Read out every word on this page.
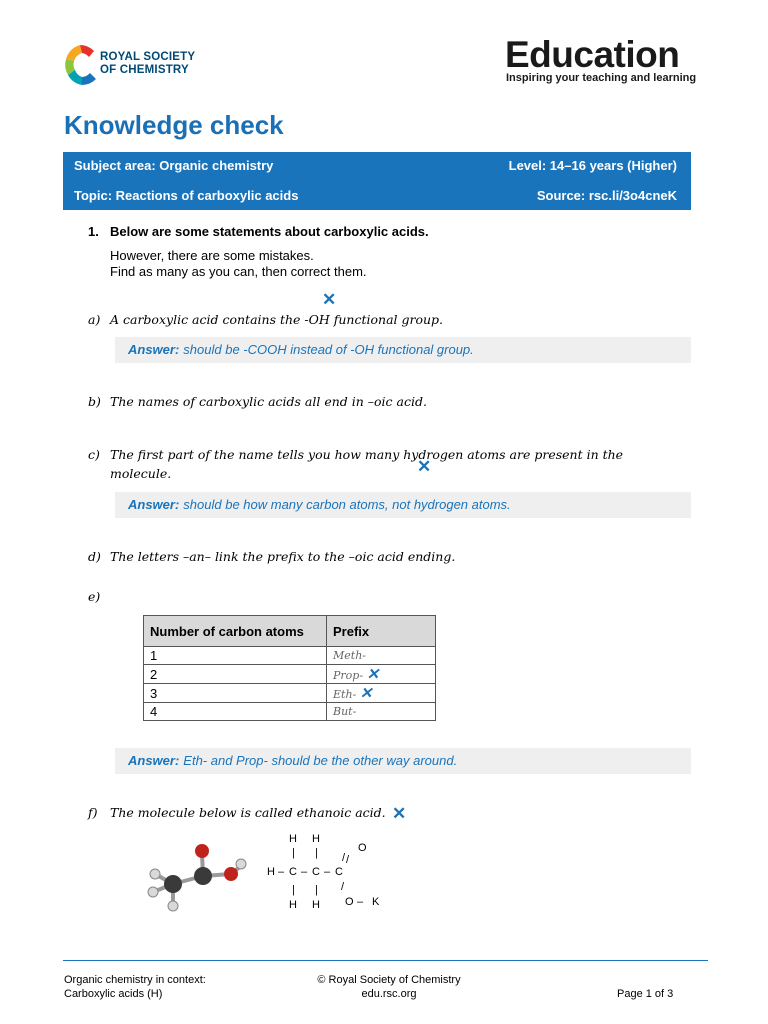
ROYAL SOCIETY
OF CHEMISTRY	Education
Inspiring your teaching and learning
Knowledge check
Subject area: Organic chemistry	Level: 14–16 years (Higher)
Topic: Reactions of carboxylic acids	Source: rsc.li/3o4cneK
1. Below are some statements about carboxylic acids.
However, there are some mistakes.
Find as many as you can, then correct them.
✕
a) A carboxylic acid contains the -OH functional group.
Answer: should be -COOH instead of -OH functional group.
b) The names of carboxylic acids all end in –oic acid.
c) The first part of the name tells you how many hydrogen atoms are present in the
molecule.	✕
Answer: should be how many carbon atoms, not hydrogen atoms.
d) The letters –an– link the prefix to the –oic acid ending.
e)
Number of carbon atoms	Prefix
1	Meth-
2	Prop- ✕
3	Eth- ✕
4	But-
Answer: Eth- and Prop- should be the other way around.
f) The molecule below is called ethanoic acid. ✕
H H
| |
H – C – C – C
/ /
O
| |
H H
/
O – K
Organic chemistry in context:
Carboxylic acids (H)
© Royal Society of Chemistry
edu.rsc.org	Page 1 of 3
